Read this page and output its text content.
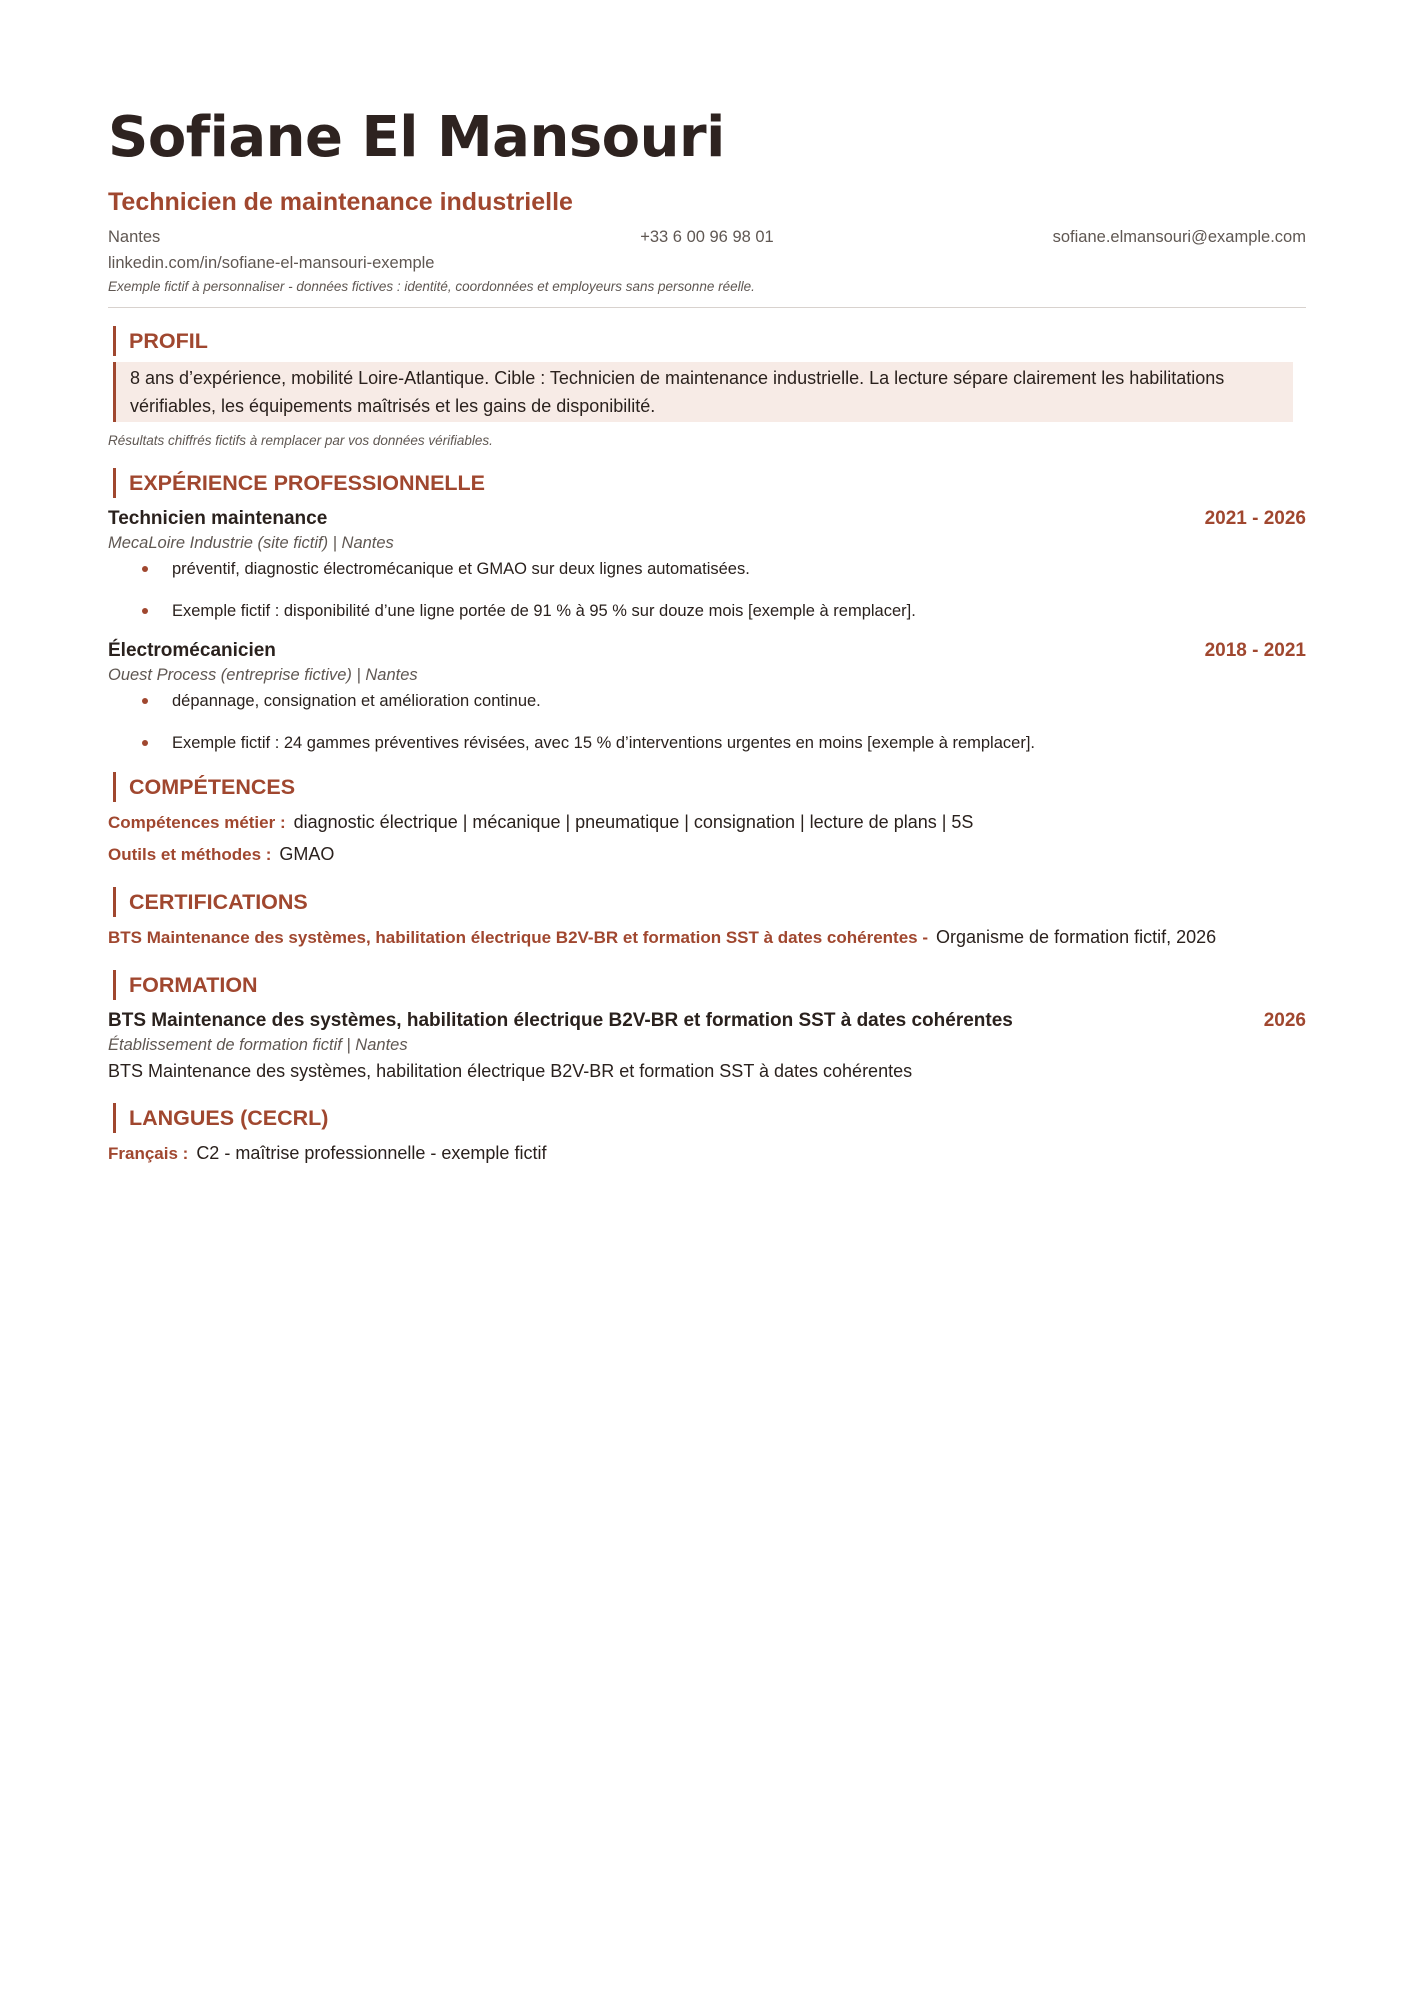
Sofiane El Mansouri
Technicien de maintenance industrielle
Nantes	+33 6 00 96 98 01	sofiane.elmansouri@example.com
linkedin.com/in/sofiane-el-mansouri-exemple
Exemple fictif à personnaliser - données fictives : identité, coordonnées et employeurs sans personne réelle.
PROFIL
8 ans d’expérience, mobilité Loire-Atlantique. Cible : Technicien de maintenance industrielle. La lecture sépare clairement les habilitations vérifiables, les équipements maîtrisés et les gains de disponibilité.
Résultats chiffrés fictifs à remplacer par vos données vérifiables.
EXPÉRIENCE PROFESSIONNELLE
Technicien maintenance	2021 - 2026
MecaLoire Industrie (site fictif) | Nantes
préventif, diagnostic électromécanique et GMAO sur deux lignes automatisées.
Exemple fictif : disponibilité d’une ligne portée de 91 % à 95 % sur douze mois [exemple à remplacer].
Électromécanicien	2018 - 2021
Ouest Process (entreprise fictive) | Nantes
dépannage, consignation et amélioration continue.
Exemple fictif : 24 gammes préventives révisées, avec 15 % d’interventions urgentes en moins [exemple à remplacer].
COMPÉTENCES
Compétences métier : diagnostic électrique | mécanique | pneumatique | consignation | lecture de plans | 5S
Outils et méthodes : GMAO
CERTIFICATIONS
BTS Maintenance des systèmes, habilitation électrique B2V-BR et formation SST à dates cohérentes - Organisme de formation fictif, 2026
FORMATION
BTS Maintenance des systèmes, habilitation électrique B2V-BR et formation SST à dates cohérentes	2026
Établissement de formation fictif | Nantes
BTS Maintenance des systèmes, habilitation électrique B2V-BR et formation SST à dates cohérentes
LANGUES (CECRL)
Français : C2 - maîtrise professionnelle - exemple fictif
